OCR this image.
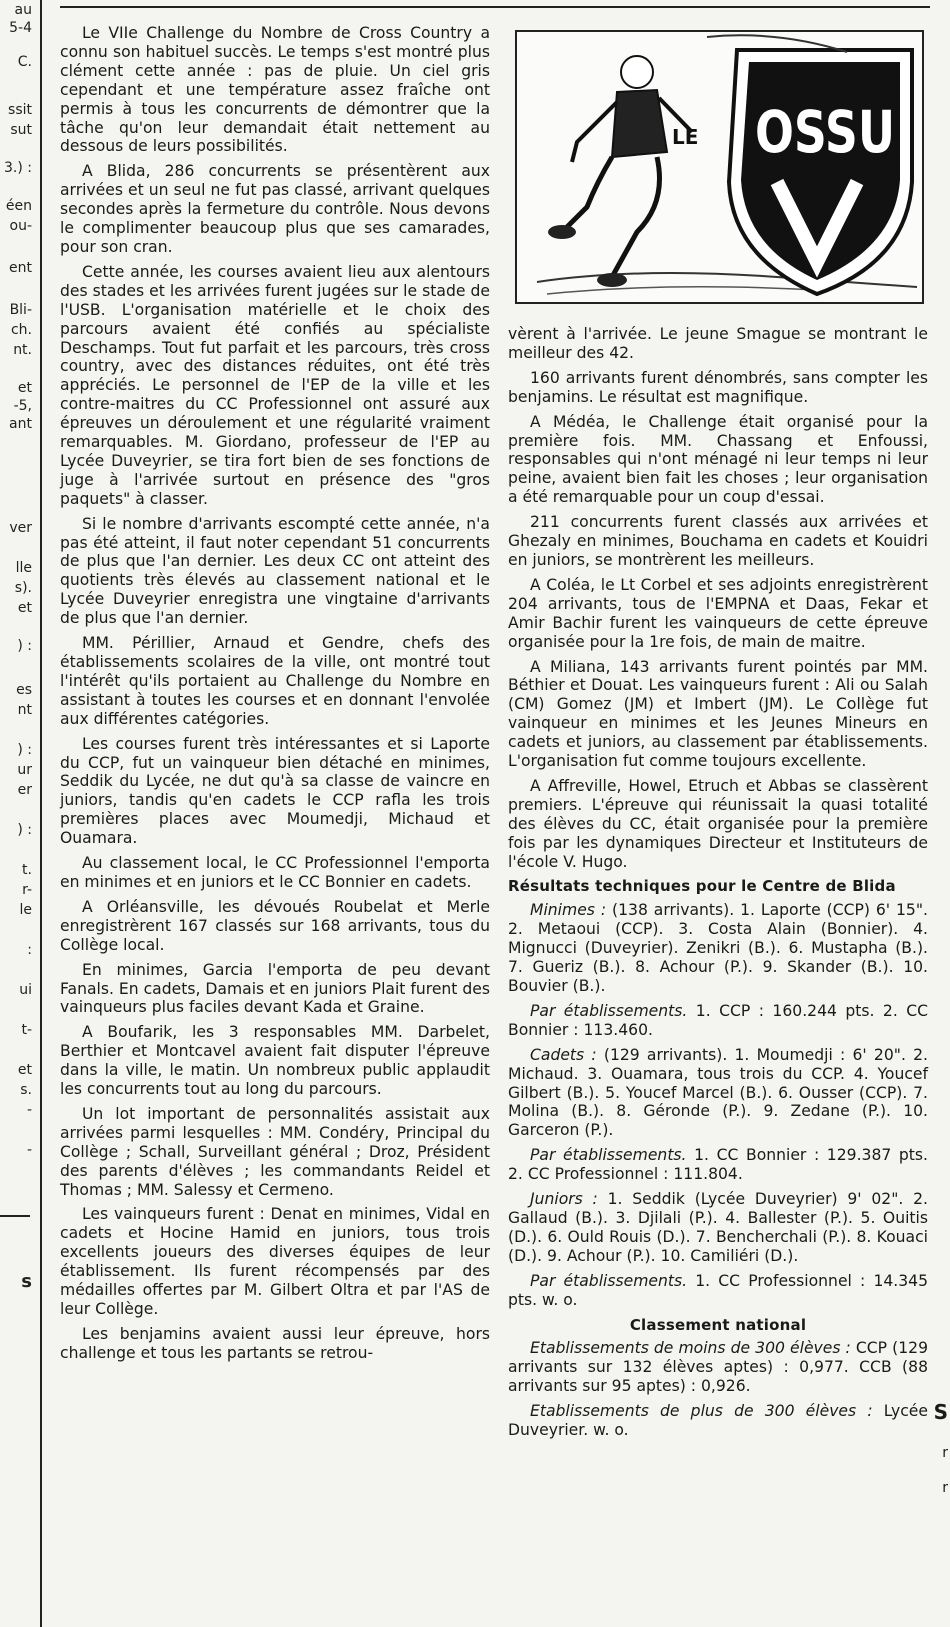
au
5-4
C.
ssit
sut
3.) :
éen
ou-
ent
Bli-
ch.
nt.
et
-5,
ant
ver
lle
s).
et
) :
es
nt
) :
ur
er
) :
t.
r-
le
:
ui
t-
et
s.
-
-
s
S
r
r

Le VIIe Challenge du Nombre de Cross Country a connu son habituel succès. Le temps s'est montré plus clément cette année : pas de pluie. Un ciel gris cependant et une température assez fraîche ont permis à tous les concurrents de démontrer que la tâche qu'on leur demandait était nettement au dessous de leurs possibilités.

A Blida, 286 concurrents se présentèrent aux arrivées et un seul ne fut pas classé, arrivant quelques secondes après la fermeture du contrôle. Nous devons le complimenter beaucoup plus que ses camarades, pour son cran.

Cette année, les courses avaient lieu aux alentours des stades et les arrivées furent jugées sur le stade de l'USB. L'organisation matérielle et le choix des parcours avaient été confiés au spécialiste Deschamps. Tout fut parfait et les parcours, très cross country, avec des distances réduites, ont été très appréciés. Le personnel de l'EP de la ville et les contre-maitres du CC Professionnel ont assuré aux épreuves un déroulement et une régularité vraiment remarquables. M. Giordano, professeur de l'EP au Lycée Duveyrier, se tira fort bien de ses fonctions de juge à l'arrivée surtout en présence des "gros paquets" à classer.

Si le nombre d'arrivants escompté cette année, n'a pas été atteint, il faut noter cependant 51 concurrents de plus que l'an dernier. Les deux CC ont atteint des quotients très élevés au classement national et le Lycée Duveyrier enregistra une vingtaine d'arrivants de plus que l'an dernier.

MM. Périllier, Arnaud et Gendre, chefs des établissements scolaires de la ville, ont montré tout l'intérêt qu'ils portaient au Challenge du Nombre en assistant à toutes les courses et en donnant l'envolée aux différentes catégories.

Les courses furent très intéressantes et si Laporte du CCP, fut un vainqueur bien détaché en minimes, Seddik du Lycée, ne dut qu'à sa classe de vaincre en juniors, tandis qu'en cadets le CCP rafla les trois premières places avec Moumedji, Michaud et Ouamara.

Au classement local, le CC Professionnel l'emporta en minimes et en juniors et le CC Bonnier en cadets.

A Orléansville, les dévoués Roubelat et Merle enregistrèrent 167 classés sur 168 arrivants, tous du Collège local.

En minimes, Garcia l'emporta de peu devant Fanals. En cadets, Damais et en juniors Plait furent des vainqueurs plus faciles devant Kada et Graine.

A Boufarik, les 3 responsables MM. Darbelet, Berthier et Montcavel avaient fait disputer l'épreuve dans la ville, le matin. Un nombreux public applaudit les concurrents tout au long du parcours.

Un lot important de personnalités assistait aux arrivées parmi lesquelles : MM. Condéry, Principal du Collège ; Schall, Surveillant général ; Droz, Président des parents d'élèves ; les commandants Reidel et Thomas ; MM. Salessy et Cermeno.

Les vainqueurs furent : Denat en minimes, Vidal en cadets et Hocine Hamid en juniors, tous trois excellents joueurs des diverses équipes de leur établissement. Ils furent récompensés par des médailles offertes par M. Gilbert Oltra et par l'AS de leur Collège.

Les benjamins avaient aussi leur épreuve, hors challenge et tous les partants se retrou-

LE OSSU

vèrent à l'arrivée. Le jeune Smague se montrant le meilleur des 42.

160 arrivants furent dénombrés, sans compter les benjamins. Le résultat est magnifique.

A Médéa, le Challenge était organisé pour la première fois. MM. Chassang et Enfoussi, responsables qui n'ont ménagé ni leur temps ni leur peine, avaient bien fait les choses ; leur organisation a été remarquable pour un coup d'essai.

211 concurrents furent classés aux arrivées et Ghezaly en minimes, Bouchama en cadets et Kouidri en juniors, se montrèrent les meilleurs.

A Coléa, le Lt Corbel et ses adjoints enregistrèrent 204 arrivants, tous de l'EMPNA et Daas, Fekar et Amir Bachir furent les vainqueurs de cette épreuve organisée pour la 1re fois, de main de maitre.

A Miliana, 143 arrivants furent pointés par MM. Béthier et Douat. Les vainqueurs furent : Ali ou Salah (CM) Gomez (JM) et Imbert (JM). Le Collège fut vainqueur en minimes et les Jeunes Mineurs en cadets et juniors, au classement par établissements. L'organisation fut comme toujours excellente.

A Affreville, Howel, Etruch et Abbas se classèrent premiers. L'épreuve qui réunissait la quasi totalité des élèves du CC, était organisée pour la première fois par les dynamiques Directeur et Instituteurs de l'école V. Hugo.

Résultats techniques pour le Centre de Blida

Minimes : (138 arrivants). 1. Laporte (CCP) 6' 15". 2. Metaoui (CCP). 3. Costa Alain (Bonnier). 4. Mignucci (Duveyrier). Zenikri (B.). 6. Mustapha (B.). 7. Gueriz (B.). 8. Achour (P.). 9. Skander (B.). 10. Bouvier (B.).

Par établissements. 1. CCP : 160.244 pts. 2. CC Bonnier : 113.460.

Cadets : (129 arrivants). 1. Moumedji : 6' 20". 2. Michaud. 3. Ouamara, tous trois du CCP. 4. Youcef Gilbert (B.). 5. Youcef Marcel (B.). 6. Ousser (CCP). 7. Molina (B.). 8. Géronde (P.). 9. Zedane (P.). 10. Garceron (P.).

Par établissements. 1. CC Bonnier : 129.387 pts. 2. CC Professionnel : 111.804.

Juniors : 1. Seddik (Lycée Duveyrier) 9' 02". 2. Gallaud (B.). 3. Djilali (P.). 4. Ballester (P.). 5. Ouitis (D.). 6. Ould Rouis (D.). 7. Bencherchali (P.). 8. Kouaci (D.). 9. Achour (P.). 10. Camiliéri (D.).

Par établissements. 1. CC Professionnel : 14.345 pts. w. o.

Classement national

Etablissements de moins de 300 élèves : CCP (129 arrivants sur 132 élèves aptes) : 0,977. CCB (88 arrivants sur 95 aptes) : 0,926.

Etablissements de plus de 300 élèves : Lycée Duveyrier. w. o.
